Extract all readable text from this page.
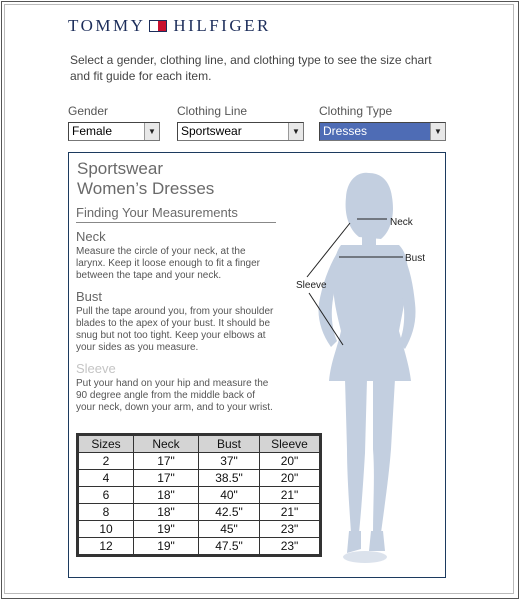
TOMMY HILFIGER
Select a gender, clothing line, and clothing type to see the size chart and fit guide for each item.
Gender
Female	▼
Clothing Line
Sportswear	▼
Clothing Type
Dresses	▼
Neck
Bust
Sleeve
Sportswear
Women’s Dresses
Finding Your Measurements
Neck
Measure the circle of your neck, at the larynx. Keep it loose enough to fit a finger between the tape and your neck.
Bust
Pull the tape around you, from your shoulder blades to the apex of your bust. It should be snug but not too tight. Keep your elbows at your sides as you measure.
Sleeve
Put your hand on your hip and measure the 90 degree angle from the middle back of your neck, down your arm, and to your wrist.
Sizes	Neck	Bust	Sleeve
2	17"	37"	20"
4	17"	38.5"	20"
6	18"	40"	21"
8	18"	42.5"	21"
10	19"	45"	23"
12	19"	47.5"	23"
